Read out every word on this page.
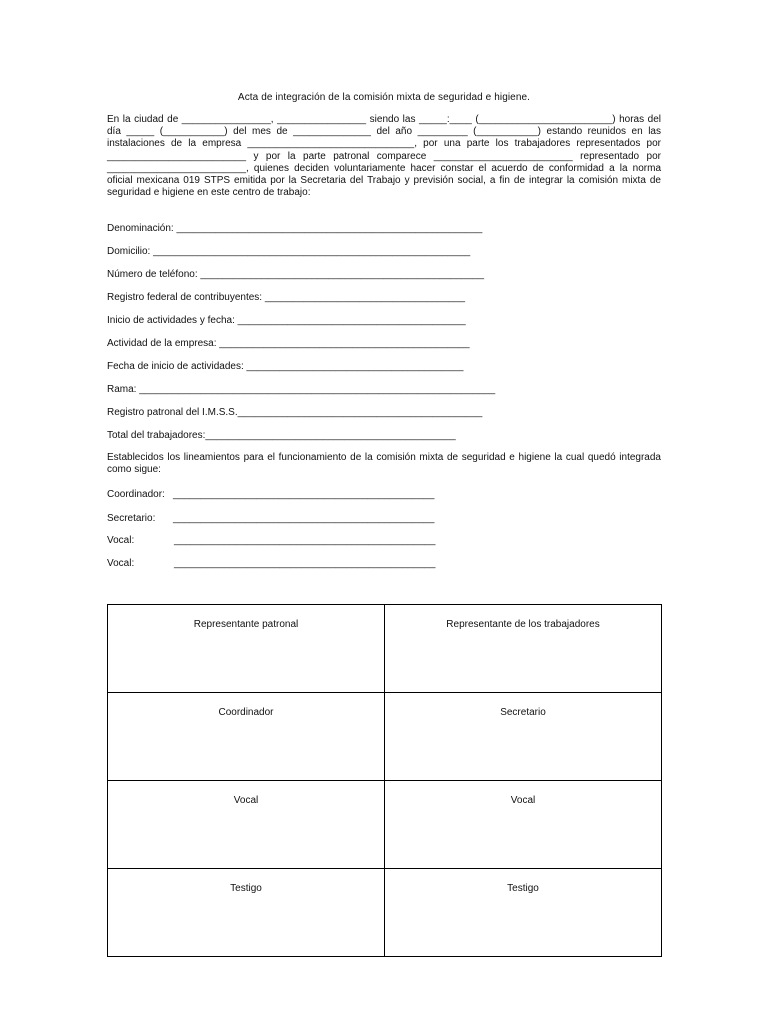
Acta de integración de la comisión mixta de seguridad e higiene.
En la ciudad de ________________, ________________ siendo las _____:____ (________________________) horas del día _____ (___________) del mes de ______________ del año _________ (___________) estando reunidos en las instalaciones de la empresa ______________________________, por una parte los trabajadores representados por _________________________ y por la parte patronal comparece _________________________ representado por _________________________, quienes deciden voluntariamente hacer constar el acuerdo de conformidad a la norma oficial mexicana 019 STPS emitida por la Secretaria del Trabajo y previsión social, a fin de integrar la comisión mixta de seguridad e higiene en este centro de trabajo:
Denominación: _______________________________________________________
Domicilio: _________________________________________________________
Número de teléfono: ___________________________________________________
Registro federal de contribuyentes: ____________________________________
Inicio de actividades y fecha: _________________________________________
Actividad de la empresa: _____________________________________________
Fecha de inicio de actividades: _______________________________________
Rama: ________________________________________________________________
Registro patronal del I.M.S.S.____________________________________________
Total del trabajadores:_____________________________________________
Establecidos los lineamientos para el funcionamiento de la comisión mixta de seguridad e higiene la cual quedó integrada como sigue:
Coordinador: _______________________________________________
Secretario: _______________________________________________
Vocal:	_______________________________________________
Vocal:	_______________________________________________
Representante patronal	Representante de los trabajadores
Coordinador	Secretario
Vocal	Vocal
Testigo	Testigo
